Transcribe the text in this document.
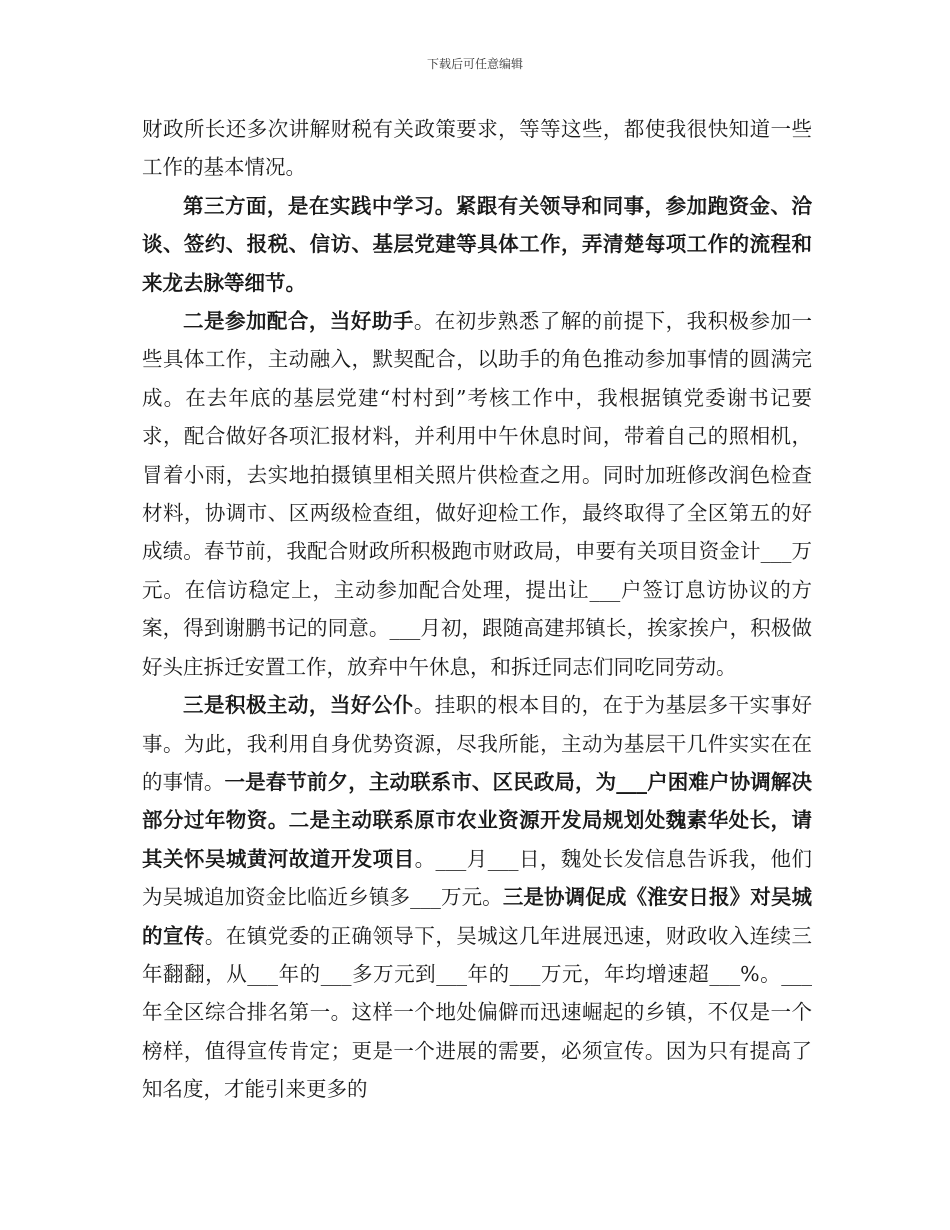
下载后可任意编辑

财政所长还多次讲解财税有关政策要求，等等这些，都使我很快知道一些工作的基本情况。

第三方面，是在实践中学习。紧跟有关领导和同事，参加跑资金、洽谈、签约、报税、信访、基层党建等具体工作，弄清楚每项工作的流程和来龙去脉等细节。

二是参加配合，当好助手。在初步熟悉了解的前提下，我积极参加一些具体工作，主动融入，默契配合，以助手的角色推动参加事情的圆满完成。在去年底的基层党建“村村到”考核工作中，我根据镇党委谢书记要求，配合做好各项汇报材料，并利用中午休息时间，带着自己的照相机，冒着小雨，去实地拍摄镇里相关照片供检查之用。同时加班修改润色检查材料，协调市、区两级检查组，做好迎检工作，最终取得了全区第五的好成绩。春节前，我配合财政所积极跑市财政局，申要有关项目资金计___万元。在信访稳定上，主动参加配合处理，提出让___户签订息访协议的方案，得到谢鹏书记的同意。___月初，跟随高建邦镇长，挨家挨户，积极做好头庄拆迁安置工作，放弃中午休息，和拆迁同志们同吃同劳动。

三是积极主动，当好公仆。挂职的根本目的，在于为基层多干实事好事。为此，我利用自身优势资源，尽我所能，主动为基层干几件实实在在的事情。一是春节前夕，主动联系市、区民政局，为___户困难户协调解决部分过年物资。二是主动联系原市农业资源开发局规划处魏素华处长，请其关怀吴城黄河故道开发项目。___月___日，魏处长发信息告诉我，他们为吴城追加资金比临近乡镇多___万元。三是协调促成《淮安日报》对吴城的宣传。在镇党委的正确领导下，吴城这几年进展迅速，财政收入连续三年翻翻，从___年的___多万元到___年的___万元，年均增速超___%。___年全区综合排名第一。这样一个地处偏僻而迅速崛起的乡镇，不仅是一个榜样，值得宣传肯定；更是一个进展的需要，必须宣传。因为只有提高了知名度，才能引来更多的
